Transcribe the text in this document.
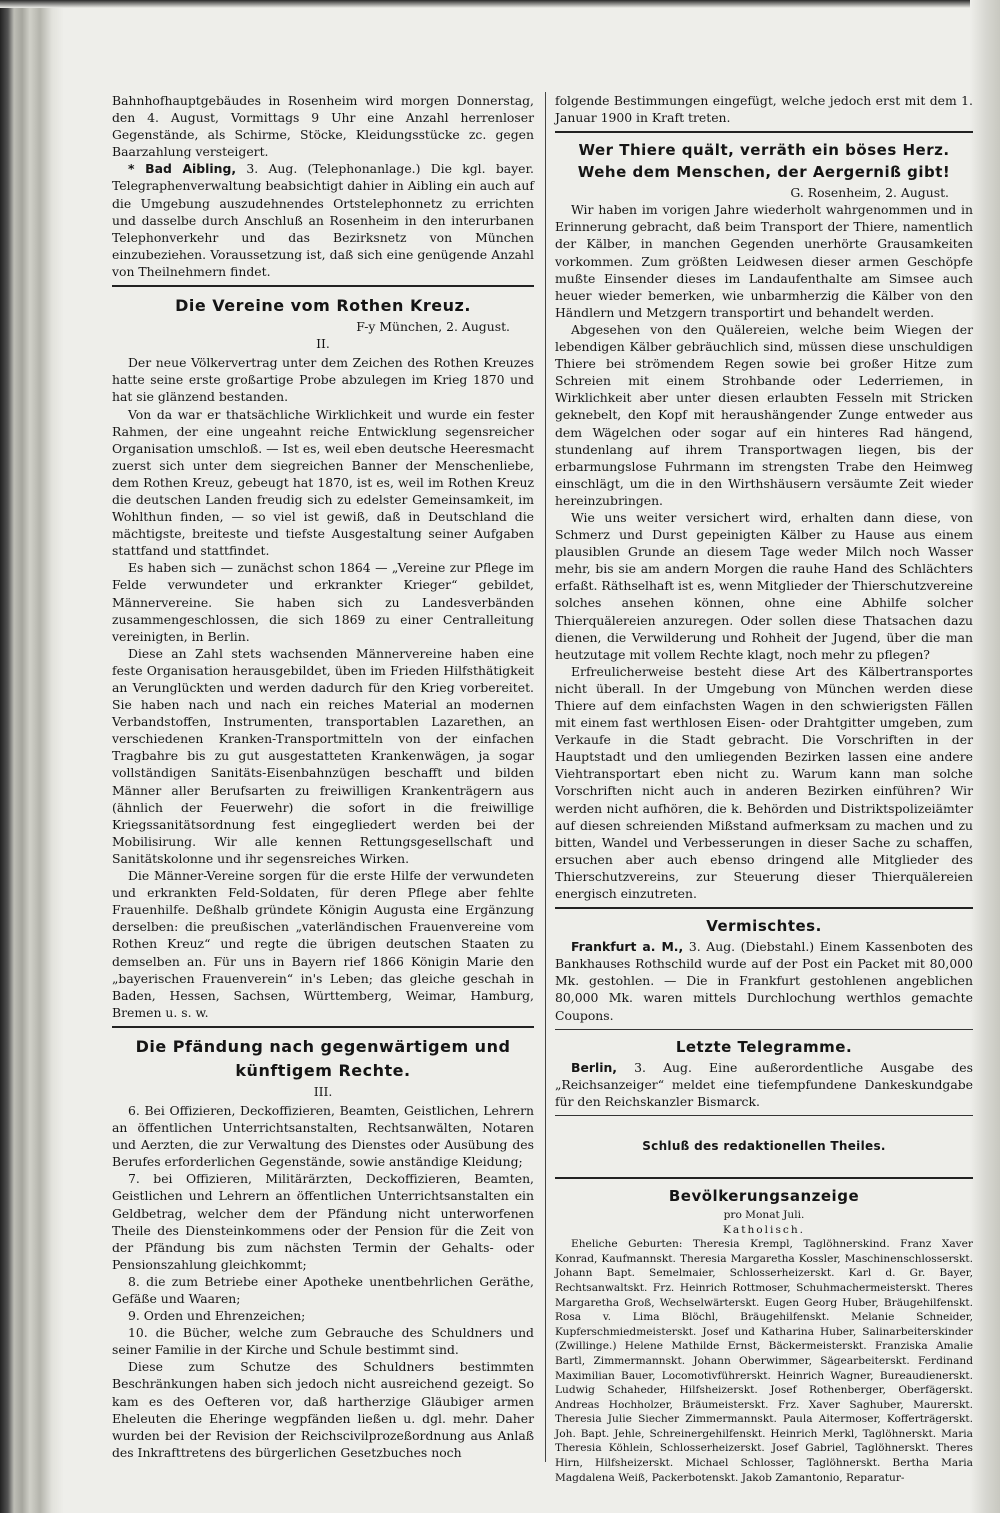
Bahnhofhauptgebäudes in Rosenheim wird morgen Donnerstag, den 4. August, Vormittags 9 Uhr eine Anzahl herrenloser Gegenstände, als Schirme, Stöcke, Kleidungsstücke zc. gegen Baarzahlung versteigert.

* Bad Aibling, 3. Aug. (Telephonanlage.) Die kgl. bayer. Telegraphenverwaltung beabsichtigt dahier in Aibling ein auch auf die Umgebung auszudehnendes Ortstelephonnetz zu errichten und dasselbe durch Anschluß an Rosenheim in den interurbanen Telephonverkehr und das Bezirksnetz von München einzubeziehen. Voraussetzung ist, daß sich eine genügende Anzahl von Theilnehmern findet.

Die Vereine vom Rothen Kreuz.
F-y München, 2. August.
II.

Der neue Völkervertrag unter dem Zeichen des Rothen Kreuzes hatte seine erste großartige Probe abzulegen im Krieg 1870 und hat sie glänzend bestanden.

Von da war er thatsächliche Wirklichkeit und wurde ein fester Rahmen, der eine ungeahnt reiche Entwicklung segensreicher Organisation umschloß. — Ist es, weil eben deutsche Heeresmacht zuerst sich unter dem siegreichen Banner der Menschenliebe, dem Rothen Kreuz, gebeugt hat 1870, ist es, weil im Rothen Kreuz die deutschen Landen freudig sich zu edelster Gemeinsamkeit, im Wohlthun finden, — so viel ist gewiß, daß in Deutschland die mächtigste, breiteste und tiefste Ausgestaltung seiner Aufgaben stattfand und stattfindet.

Es haben sich — zunächst schon 1864 — „Vereine zur Pflege im Felde verwundeter und erkrankter Krieger“ gebildet, Männervereine. Sie haben sich zu Landesverbänden zusammengeschlossen, die sich 1869 zu einer Centralleitung vereinigten, in Berlin.

Diese an Zahl stets wachsenden Männervereine haben eine feste Organisation herausgebildet, üben im Frieden Hilfsthätigkeit an Verunglückten und werden dadurch für den Krieg vorbereitet. Sie haben nach und nach ein reiches Material an modernen Verbandstoffen, Instrumenten, transportablen Lazarethen, an verschiedenen Kranken-Transportmitteln von der einfachen Tragbahre bis zu gut ausgestatteten Krankenwägen, ja sogar vollständigen Sanitäts-Eisenbahnzügen beschafft und bilden Männer aller Berufsarten zu freiwilligen Krankenträgern aus (ähnlich der Feuerwehr) die sofort in die freiwillige Kriegssanitätsordnung fest eingegliedert werden bei der Mobilisirung. Wir alle kennen Rettungsgesellschaft und Sanitätskolonne und ihr segensreiches Wirken.

Die Männer-Vereine sorgen für die erste Hilfe der verwundeten und erkrankten Feld-Soldaten, für deren Pflege aber fehlte Frauenhilfe. Deßhalb gründete Königin Augusta eine Ergänzung derselben: die preußischen „vaterländischen Frauenvereine vom Rothen Kreuz“ und regte die übrigen deutschen Staaten zu demselben an. Für uns in Bayern rief 1866 Königin Marie den „bayerischen Frauenverein“ in's Leben; das gleiche geschah in Baden, Hessen, Sachsen, Württemberg, Weimar, Hamburg, Bremen u. s. w.

Die Pfändung nach gegenwärtigem und
künftigem Rechte.
III.

6. Bei Offizieren, Deckoffizieren, Beamten, Geistlichen, Lehrern an öffentlichen Unterrichtsanstalten, Rechtsanwälten, Notaren und Aerzten, die zur Verwaltung des Dienstes oder Ausübung des Berufes erforderlichen Gegenstände, sowie anständige Kleidung;

7. bei Offizieren, Militärärzten, Deckoffizieren, Beamten, Geistlichen und Lehrern an öffentlichen Unterrichtsanstalten ein Geldbetrag, welcher dem der Pfändung nicht unterworfenen Theile des Diensteinkommens oder der Pension für die Zeit von der Pfändung bis zum nächsten Termin der Gehalts- oder Pensionszahlung gleichkommt;

8. die zum Betriebe einer Apotheke unentbehrlichen Geräthe, Gefäße und Waaren;

9. Orden und Ehrenzeichen;

10. die Bücher, welche zum Gebrauche des Schuldners und seiner Familie in der Kirche und Schule bestimmt sind.

Diese zum Schutze des Schuldners bestimmten Beschränkungen haben sich jedoch nicht ausreichend gezeigt. So kam es des Oefteren vor, daß hartherzige Gläubiger armen Eheleuten die Eheringe wegpfänden ließen u. dgl. mehr. Daher wurden bei der Revision der Reichscivilprozeßordnung aus Anlaß des Inkrafttretens des bürgerlichen Gesetzbuches noch

folgende Bestimmungen eingefügt, welche jedoch erst mit dem 1. Januar 1900 in Kraft treten.

Wer Thiere quält, verräth ein böses Herz.
Wehe dem Menschen, der Aergerniß gibt!
G. Rosenheim, 2. August.

Wir haben im vorigen Jahre wiederholt wahrgenommen und in Erinnerung gebracht, daß beim Transport der Thiere, namentlich der Kälber, in manchen Gegenden unerhörte Grausamkeiten vorkommen. Zum größten Leidwesen dieser armen Geschöpfe mußte Einsender dieses im Landaufenthalte am Simsee auch heuer wieder bemerken, wie unbarmherzig die Kälber von den Händlern und Metzgern transportirt und behandelt werden.

Abgesehen von den Quälereien, welche beim Wiegen der lebendigen Kälber gebräuchlich sind, müssen diese unschuldigen Thiere bei strömendem Regen sowie bei großer Hitze zum Schreien mit einem Strohbande oder Lederriemen, in Wirklichkeit aber unter diesen erlaubten Fesseln mit Stricken geknebelt, den Kopf mit heraushängender Zunge entweder aus dem Wägelchen oder sogar auf ein hinteres Rad hängend, stundenlang auf ihrem Transportwagen liegen, bis der erbarmungslose Fuhrmann im strengsten Trabe den Heimweg einschlägt, um die in den Wirthshäusern versäumte Zeit wieder hereinzubringen.

Wie uns weiter versichert wird, erhalten dann diese, von Schmerz und Durst gepeinigten Kälber zu Hause aus einem plausiblen Grunde an diesem Tage weder Milch noch Wasser mehr, bis sie am andern Morgen die rauhe Hand des Schlächters erfaßt. Räthselhaft ist es, wenn Mitglieder der Thierschutzvereine solches ansehen können, ohne eine Abhilfe solcher Thierquälereien anzuregen. Oder sollen diese Thatsachen dazu dienen, die Verwilderung und Rohheit der Jugend, über die man heutzutage mit vollem Rechte klagt, noch mehr zu pflegen?

Erfreulicherweise besteht diese Art des Kälbertransportes nicht überall. In der Umgebung von München werden diese Thiere auf dem einfachsten Wagen in den schwierigsten Fällen mit einem fast werthlosen Eisen- oder Drahtgitter umgeben, zum Verkaufe in die Stadt gebracht. Die Vorschriften in der Hauptstadt und den umliegenden Bezirken lassen eine andere Viehtransportart eben nicht zu. Warum kann man solche Vorschriften nicht auch in anderen Bezirken einführen? Wir werden nicht aufhören, die k. Behörden und Distriktspolizeiämter auf diesen schreienden Mißstand aufmerksam zu machen und zu bitten, Wandel und Verbesserungen in dieser Sache zu schaffen, ersuchen aber auch ebenso dringend alle Mitglieder des Thierschutzvereins, zur Steuerung dieser Thierquälereien energisch einzutreten.

Vermischtes.

Frankfurt a. M., 3. Aug. (Diebstahl.) Einem Kassenboten des Bankhauses Rothschild wurde auf der Post ein Packet mit 80,000 Mk. gestohlen. — Die in Frankfurt gestohlenen angeblichen 80,000 Mk. waren mittels Durchlochung werthlos gemachte Coupons.

Letzte Telegramme.

Berlin, 3. Aug. Eine außerordentliche Ausgabe des „Reichsanzeiger“ meldet eine tiefempfundene Dankeskundgabe für den Reichskanzler Bismarck.

Schluß des redaktionellen Theiles.
Bevölkerungsanzeige
pro Monat Juli.
Katholisch.

Eheliche Geburten: Theresia Krempl, Taglöhnerskind. Franz Xaver Konrad, Kaufmannskt. Theresia Margaretha Kossler, Maschinenschlosserskt. Johann Bapt. Semelmaier, Schlosserheizerskt. Karl d. Gr. Bayer, Rechtsanwaltskt. Frz. Heinrich Rottmoser, Schuhmachermeisterskt. Theres Margaretha Groß, Wechselwärterskt. Eugen Georg Huber, Bräugehilfenskt. Rosa v. Lima Blöchl, Bräugehilfenskt. Melanie Schneider, Kupferschmiedmeisterskt. Josef und Katharina Huber, Salinarbeiterskinder (Zwillinge.) Helene Mathilde Ernst, Bäckermeisterskt. Franziska Amalie Bartl, Zimmermannskt. Johann Oberwimmer, Sägearbeiterskt. Ferdinand Maximilian Bauer, Locomotivführerskt. Heinrich Wagner, Bureaudienerskt. Ludwig Schaheder, Hilfsheizerskt. Josef Rothenberger, Oberfägerskt. Andreas Hochholzer, Bräumeisterskt. Frz. Xaver Saghuber, Maurerskt. Theresia Julie Siecher Zimmermannskt. Paula Aitermoser, Kofferträgerskt. Joh. Bapt. Jehle, Schreinergehilfenskt. Heinrich Merkl, Taglöhnerskt. Maria Theresia Köhlein, Schlosserheizerskt. Josef Gabriel, Taglöhnerskt. Theres Hirn, Hilfsheizerskt. Michael Schlosser, Taglöhnerskt. Bertha Maria Magdalena Weiß, Packerbotenskt. Jakob Zamantonio, Reparatur-
